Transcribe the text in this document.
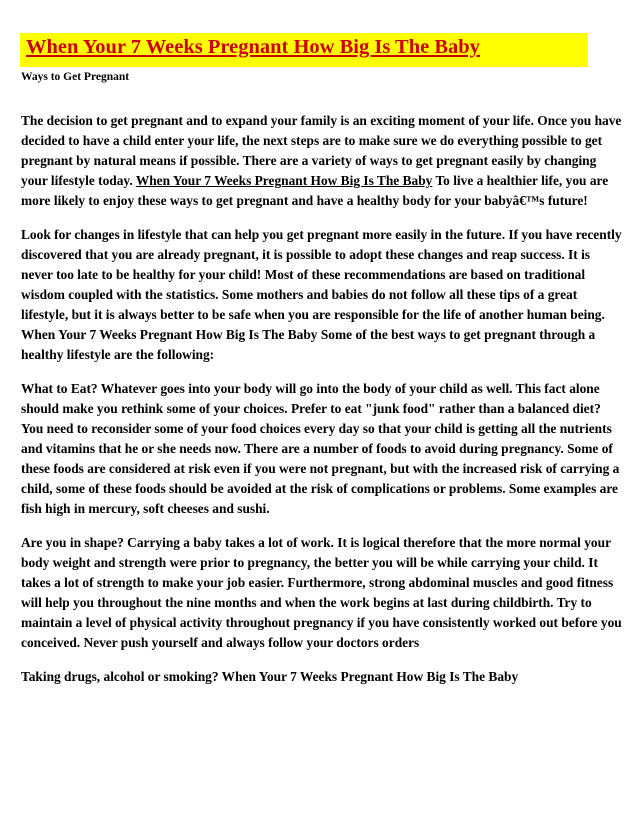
When Your 7 Weeks Pregnant How Big Is The Baby
Ways to Get Pregnant

The decision to get pregnant and to expand your family is an exciting moment of your life. Once you have decided to have a child enter your life, the next steps are to make sure we do everything possible to get pregnant by natural means if possible. There are a variety of ways to get pregnant easily by changing your lifestyle today. When Your 7 Weeks Pregnant How Big Is The Baby To live a healthier life, you are more likely to enjoy these ways to get pregnant and have a healthy body for your babyâ€™s future!

Look for changes in lifestyle that can help you get pregnant more easily in the future. If you have recently discovered that you are already pregnant, it is possible to adopt these changes and reap success. It is never too late to be healthy for your child! Most of these recommendations are based on traditional wisdom coupled with the statistics. Some mothers and babies do not follow all these tips of a great lifestyle, but it is always better to be safe when you are responsible for the life of another human being. When Your 7 Weeks Pregnant How Big Is The Baby Some of the best ways to get pregnant through a healthy lifestyle are the following:

What to Eat? Whatever goes into your body will go into the body of your child as well. This fact alone should make you rethink some of your choices. Prefer to eat "junk food" rather than a balanced diet? You need to reconsider some of your food choices every day so that your child is getting all the nutrients and vitamins that he or she needs now. There are a number of foods to avoid during pregnancy. Some of these foods are considered at risk even if you were not pregnant, but with the increased risk of carrying a child, some of these foods should be avoided at the risk of complications or problems. Some examples are fish high in mercury, soft cheeses and sushi.

Are you in shape? Carrying a baby takes a lot of work. It is logical therefore that the more normal your body weight and strength were prior to pregnancy, the better you will be while carrying your child. It takes a lot of strength to make your job easier. Furthermore, strong abdominal muscles and good fitness will help you throughout the nine months and when the work begins at last during childbirth. Try to maintain a level of physical activity throughout pregnancy if you have consistently worked out before you conceived. Never push yourself and always follow your doctors orders

Taking drugs, alcohol or smoking? When Your 7 Weeks Pregnant How Big Is The Baby
